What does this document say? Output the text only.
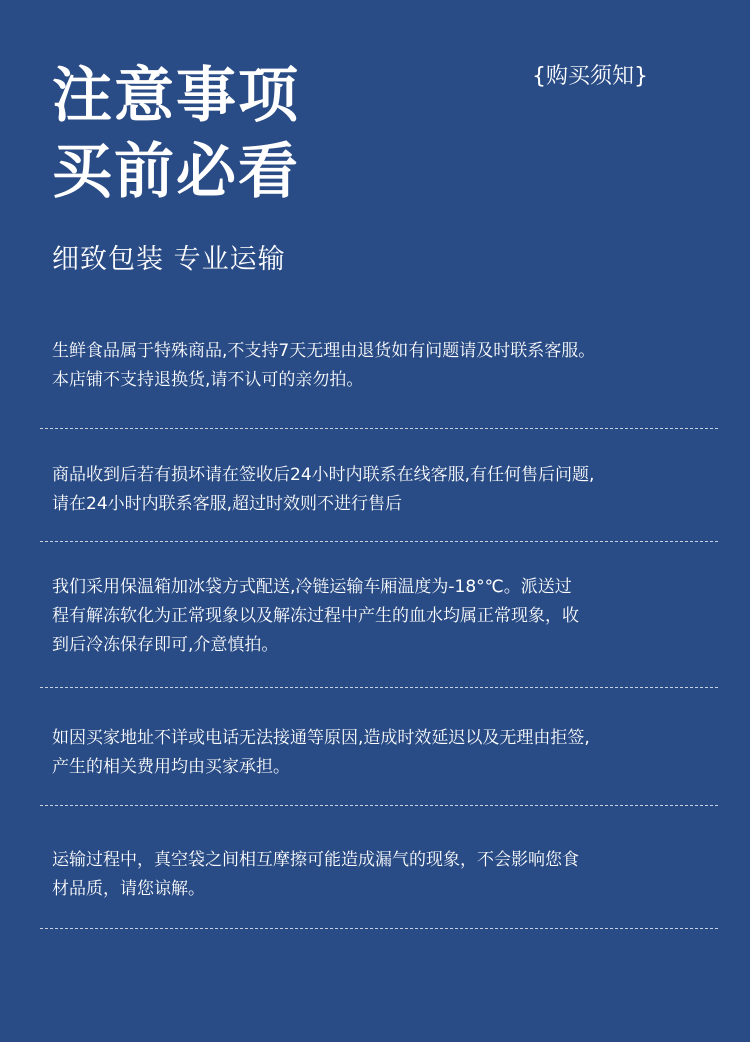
注意事项
买前必看
{购买须知}
细致包装 专业运输

生鲜食品属于特殊商品,不支持7天无理由退货如有问题请及时联系客服。
本店铺不支持退换货,请不认可的亲勿拍。

商品收到后若有损坏请在签收后24小时内联系在线客服,有任何售后问题,
请在24小时内联系客服,超过时效则不进行售后

我们采用保温箱加冰袋方式配送,冷链运输车厢温度为-18°℃。派送过
程有解冻软化为正常现象以及解冻过程中产生的血水均属正常现象，收
到后冷冻保存即可,介意慎拍。

如因买家地址不详或电话无法接通等原因,造成时效延迟以及无理由拒签,
产生的相关费用均由买家承担。

运输过程中，真空袋之间相互摩擦可能造成漏气的现象，不会影响您食
材品质，请您谅解。
